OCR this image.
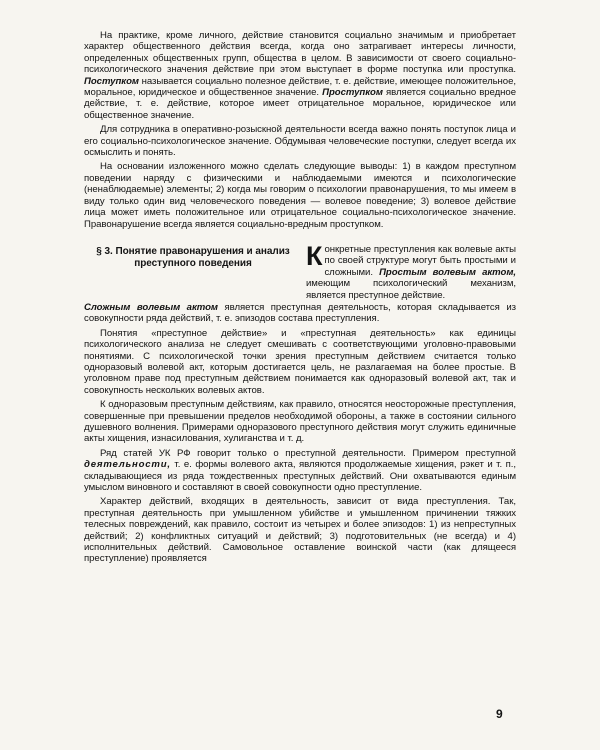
На практике, кроме личного, действие становится социально значимым и приобретает характер общественного действия всегда, когда оно затрагивает интересы личности, определенных общественных групп, общества в целом. В зависимости от своего социально-психологического значения действие при этом выступает в форме поступка или проступка. Поступком называется социально полезное действие, т. е. действие, имеющее положительное, моральное, юридическое и общественное значение. Проступком является социально вредное действие, т. е. действие, которое имеет отрицательное моральное, юридическое или общественное значение.

Для сотрудника в оперативно-розыскной деятельности всегда важно понять поступок лица и его социально-психологическое значение. Обдумывая человеческие поступки, следует всегда их осмыслить и понять.

На основании изложенного можно сделать следующие выводы: 1) в каждом преступном поведении наряду с физическими и наблюдаемыми имеются и психологические (ненаблюдаемые) элементы; 2) когда мы говорим о психологии правонарушения, то мы имеем в виду только один вид человеческого поведения — волевое поведение; 3) волевое действие лица может иметь положительное или отрицательное социально-психологическое значение. Правонарушение всегда является социально-вредным проступком.

§ 3. Понятие правонарушения и анализ преступного поведения	Конкретные преступления как волевые акты по своей структуре могут быть простыми и сложными. Простым волевым актом, имеющим психологический механизм, является преступное действие.

Сложным волевым актом является преступная деятельность, которая складывается из совокупности ряда действий, т. е. эпизодов состава преступления.

Понятия «преступное действие» и «преступная деятельность» как единицы психологического анализа не следует смешивать с соответствующими уголовно-правовыми понятиями. С психологической точки зрения преступным действием считается только одноразовый волевой акт, которым достигается цель, не разлагаемая на более простые. В уголовном праве под преступным действием понимается как одноразовый волевой акт, так и совокупность нескольких волевых актов.

К одноразовым преступным действиям, как правило, относятся неосторожные преступления, совершенные при превышении пределов необходимой обороны, а также в состоянии сильного душевного волнения. Примерами одноразового преступного действия могут служить единичные акты хищения, изнасилования, хулиганства и т. д.

Ряд статей УК РФ говорит только о преступной деятельности. Примером преступной деятельности, т. е. формы волевого акта, являются продолжаемые хищения, рэкет и т. п., складывающиеся из ряда тождественных преступных действий. Они охватываются единым умыслом виновного и составляют в своей совокупности одно преступление.

Характер действий, входящих в деятельность, зависит от вида преступления. Так, преступная деятельность при умышленном убийстве и умышленном причинении тяжких телесных повреждений, как правило, состоит из четырех и более эпизодов: 1) из непреступных действий; 2) конфликтных ситуаций и действий; 3) подготовительных (не всегда) и 4) исполнительных действий. Самовольное оставление воинской части (как длящееся преступление) проявляется

9
